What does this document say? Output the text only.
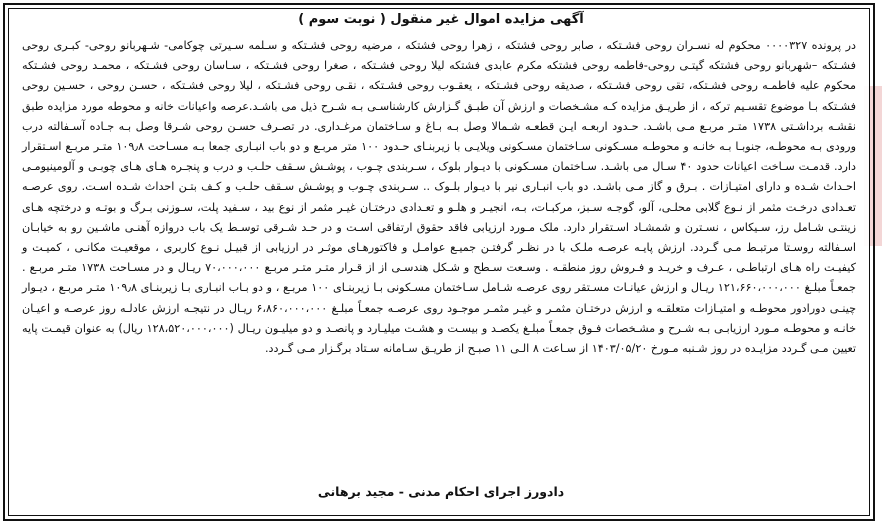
آگهی مزایده اموال غیر منقول ( نوبت سوم )

در پرونده ۰۰۰۰۳۲۷ محکوم له نسـران روحی فشـتکه ، صابر روحی فشتکه ، زهرا روحی فشتکه ، مرضیه روحی فشـتکه و سـلمه سـیرتی چوکامی- شـهربانو روحی- کبـری روحی فشـتکه –شهربانو روحی فشتکه گیتـی روحی-فاطمه روحی فشتکه مکرم عابدی فشتکه لیلا روحی فشـتکه ، صغرا روحی فشـتکه ، سـاسان روحی فشـتکه ، محمـد روحی فشـتکه محکوم علیه فاطمـه روحی فشـتکه، تقی روحی فشـتکه ، صدیقه روحی فشـتکه ، یعقـوب روحی فشـتکه ، نقـی روحی فشـتکه ، لیلا روحی فشـتکه ، حسـن روحی ، حسـین روحی فشـتکه بـا موضوع تقسـیم ترکه ، از طریـق مزایده کـه مشـخصات و ارزش آن طبـق گـزارش کارشناسـی بـه شـرح ذیل می باشـد.عرصه واعیانات خانه و محوطه مورد مزایده طبق نقشـه برداشـتی ۱۷۳۸ متـر مربـع مـی باشـد. حـدود اربعـه ایـن قطعـه شـمالا وصل بـه بـاغ و سـاختمان مرغـداری. در تصـرف حسـن روحی شـرقا وصل بـه جـاده آسـفالته درب ورودی بـه محوطـه، جنوبـا بـه خانـه و محوطـه مسـکونی سـاختمان مسـکونی ویلایـی با زیربنـای حـدود ۱۰۰ متر مربـع و دو باب انبـاری جمعا بـه مسـاحت ۱۰۹٫۸ متـر مربـع اسـتقرار دارد. قدمـت سـاخت اعیانات حدود ۴۰ سـال می باشـد. سـاختمان مسـکونی با دیـوار بلوک ، سـربندی چـوب ، پوشـش سـقف حلـب و درب و پنجـره هـای هـای چوبـی و آلومینیومـی احـداث شـده و دارای امتیـازات . بـرق و گاز مـی باشـد. دو باب انبـاری نیر با دیـوار بلـوک .. سـربندی چـوب و پوشـش سـقف حلـب و کـف بتـن احداث شـده اسـت. روی عرصـه تعـدادی درخـت مثمر از نـوع گلابی محلـی، آلو، گوجـه سـبز، مرکبـات، بـه، انجیـر و هلـو و تعـدادی درختـان غیـر مثمر از نوع بید ، سـفید پلت، سـوزنی بـرگ و بوتـه و درختچه هـای زینتـی شـامل رز، سـیکاس ، نسـترن و شمشـاد اسـتقرار دارد. ملک مـورد ارزیابی فاقد حقوق ارتفاقی اسـت و در حـد شـرقی توسـط یک باب دروازه آهنـی ماشـین رو به خیابـان اسـفالته روسـتا مرتبـط مـی گـردد. ارزش پایـه عرصـه ملـک با در نظـر گرفتـن جمیـع عوامـل و فاکتورهـای موثـر در ارزیابی از قبیـل نـوع کاربری ، موقعیـت مکانـی ، کمیـت و کیفیـت راه هـای ارتباطـی ، عـرف و خریـد و فـروش روز منطقـه . وسـعت سـطح و شـکل هندسـی از از قـرار متـر متـر مربـع ۷۰،۰۰۰،۰۰۰ ریـال و در مسـاحت ۱۷۳۸ متـر مربـع . جمعـاً مبلـغ ۱۲۱،۶۶۰،۰۰۰،۰۰۰ ریـال و ارزش عیانـات مسـتقر روی عرصـه شـامل سـاختمان مسـکونی بـا زیربنـای ۱۰۰ مربـع ، و دو بـاب انبـاری بـا زیربنـای ۱۰۹٫۸ متـر مربـع ، دیـوار چینـی دورادور محوطـه و امتیـازات متعلقـه و ارزش درختـان مثمـر و غیـر مثمـر موجـود روی عرصـه جمعـاً مبلـغ ۶،۸۶۰،۰۰۰،۰۰۰ ریـال در نتیجـه ارزش عادلـه روز عرصـه و اعیـان خانـه و محوطـه مـورد ارزیابـی بـه شـرح و مشـخصات فـوق جمعـاً مبلـغ یکصـد و بیسـت و هشـت میلیـارد و پانصـد و دو میلیـون ریـال (۱۲۸،۵۲۰،۰۰۰،۰۰۰ ریال) به عنوان قیمـت پایه تعیین مـی گـردد مزایـده در روز شـنبه مـورخ ۱۴۰۳/۰۵/۲۰ از سـاعت ۸ الـی ۱۱ صبـح از طریـق سـامانه سـتاد برگـزار مـی گـردد.

دادورز اجرای احکام مدنی - مجید برهانی
